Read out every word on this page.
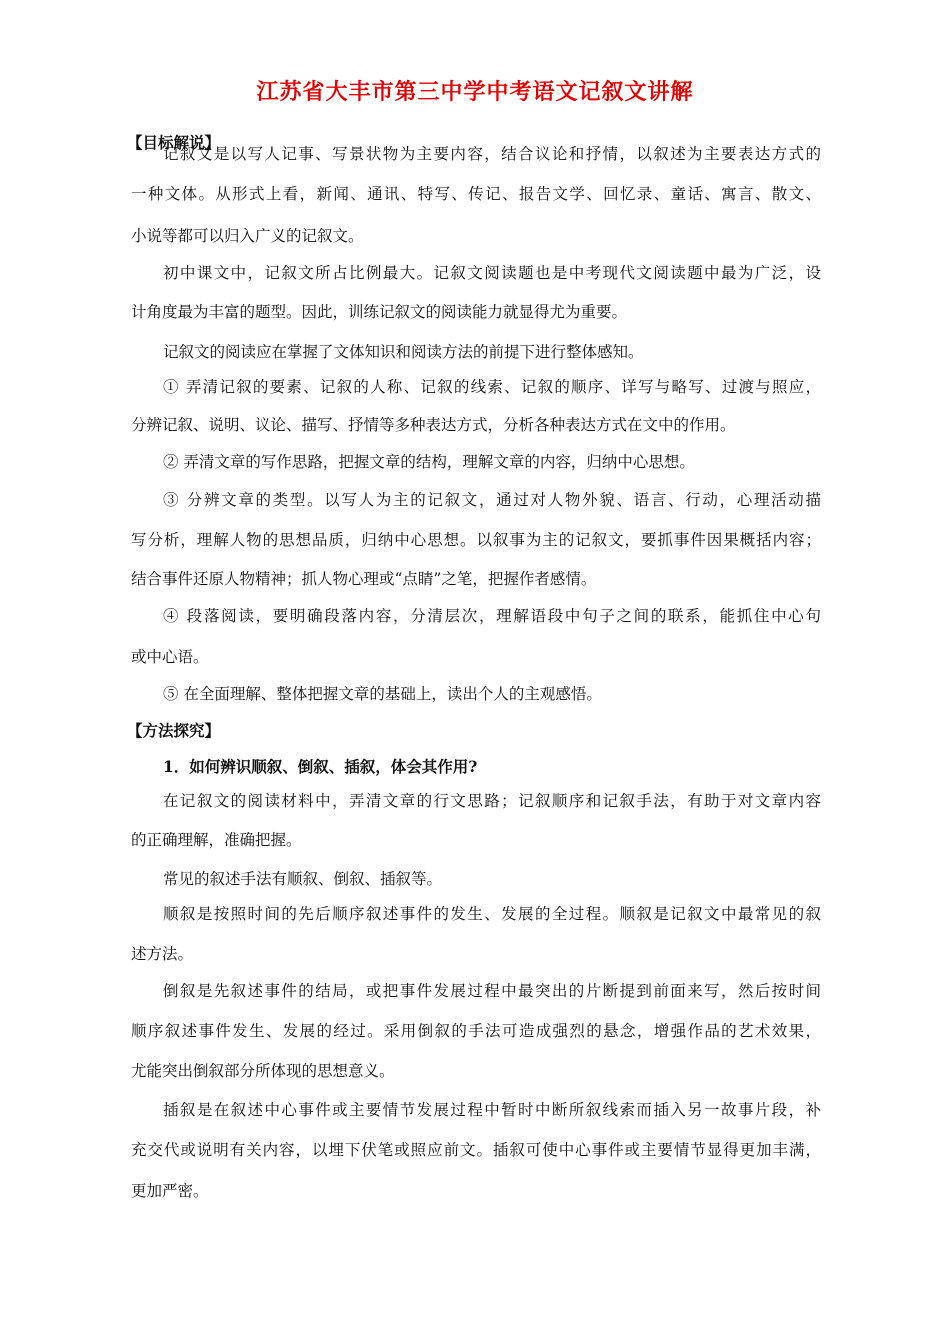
江苏省大丰市第三中学中考语文记叙文讲解
【目标解说】
记叙文是以写人记事、写景状物为主要内容，结合议论和抒情，以叙述为主要表达方式的
一种文体。从形式上看，新闻、通讯、特写、传记、报告文学、回忆录、童话、寓言、散文、
小说等都可以归入广义的记叙文。
初中课文中，记叙文所占比例最大。记叙文阅读题也是中考现代文阅读题中最为广泛，设
计角度最为丰富的题型。因此，训练记叙文的阅读能力就显得尤为重要。
记叙文的阅读应在掌握了文体知识和阅读方法的前提下进行整体感知。
① 弄清记叙的要素、记叙的人称、记叙的线索、记叙的顺序、详写与略写、过渡与照应，
分辨记叙、说明、议论、描写、抒情等多种表达方式，分析各种表达方式在文中的作用。
② 弄清文章的写作思路，把握文章的结构，理解文章的内容，归纳中心思想。
③ 分辨文章的类型。以写人为主的记叙文，通过对人物外貌、语言、行动，心理活动描
写分析，理解人物的思想品质，归纳中心思想。以叙事为主的记叙文，要抓事件因果概括内容；
结合事件还原人物精神；抓人物心理或“点睛”之笔，把握作者感情。
④ 段落阅读，要明确段落内容，分清层次，理解语段中句子之间的联系，能抓住中心句
或中心语。
⑤ 在全面理解、整体把握文章的基础上，读出个人的主观感悟。
【方法探究】
1．如何辨识顺叙、倒叙、插叙，体会其作用?
在记叙文的阅读材料中，弄清文章的行文思路；记叙顺序和记叙手法，有助于对文章内容
的正确理解，准确把握。
常见的叙述手法有顺叙、倒叙、插叙等。
顺叙是按照时间的先后顺序叙述事件的发生、发展的全过程。顺叙是记叙文中最常见的叙
述方法。
倒叙是先叙述事件的结局，或把事件发展过程中最突出的片断提到前面来写，然后按时间
顺序叙述事件发生、发展的经过。采用倒叙的手法可造成强烈的悬念，增强作品的艺术效果，
尤能突出倒叙部分所体现的思想意义。
插叙是在叙述中心事件或主要情节发展过程中暂时中断所叙线索而插入另一故事片段，补
充交代或说明有关内容，以埋下伏笔或照应前文。插叙可使中心事件或主要情节显得更加丰满，
更加严密。
